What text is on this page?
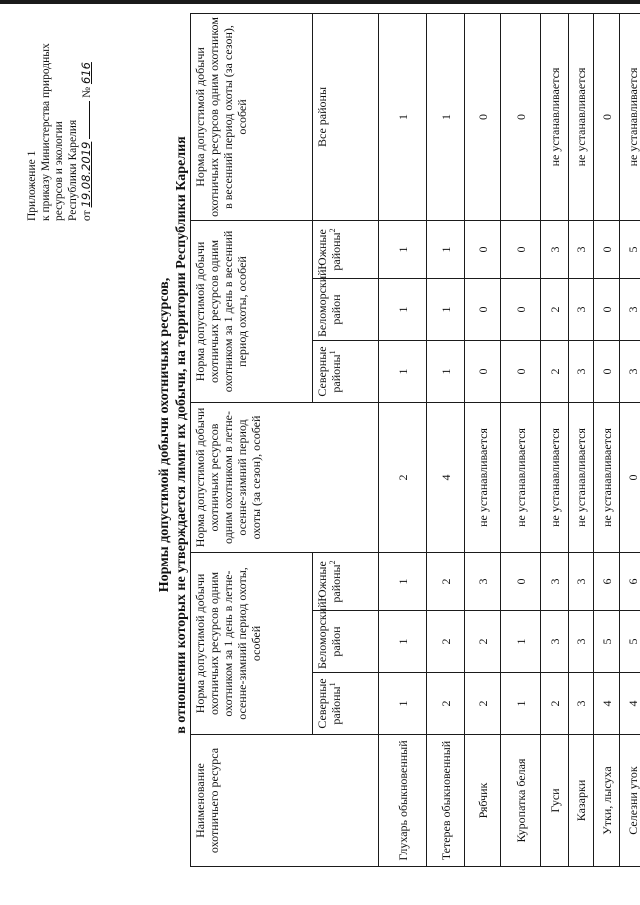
Приложение 1 к приказу Министерства природных ресурсов и экологии Республики Карелия от 19.08.2019  № 616
Нормы допустимой добычи охотничьих ресурсов, в отношении которых не утверждается лимит их добычи, на территории Республики Карелия
Наименование охотничьего ресурса	Норма допустимой добычи охотничьих ресурсов одним охотником за 1 день в летне-осенне-зимний период охоты, особей			Норма допустимой добычи охотничьих ресурсов одним охотником в летне-осенне-зимний период охоты (за сезон), особей	Норма допустимой добычи охотничьих ресурсов одним охотником за 1 день в весенний период охоты, особей			Норма допустимой добычи охотничьих ресурсов одним охотником в весенний период охоты (за сезон), особей
	Северные районы$^1$	Беломорский район	Южные районы$^2$		Северные районы$^1$	Беломорский район	Южные районы$^2$	Все районы
Глухарь обыкновенный	1	1	1	2	1	1	1	1
Тетерев обыкновенный	2	2	2	4	1	1	1	1
Рябчик	2	2	3	не устанавливается	0	0	0	0
Куропатка белая	1	1	0	не устанавливается	0	0	0	0
Гуси	2	3	3	не устанавливается	2	2	3	не устанавливается
Казарки	3	3	3	не устанавливается	3	3	3	не устанавливается
Утки, лысуха	4	5	6	не устанавливается	0	0	0	0
Селезни уток	4	5	6	0	3	3	5	не устанавливается
